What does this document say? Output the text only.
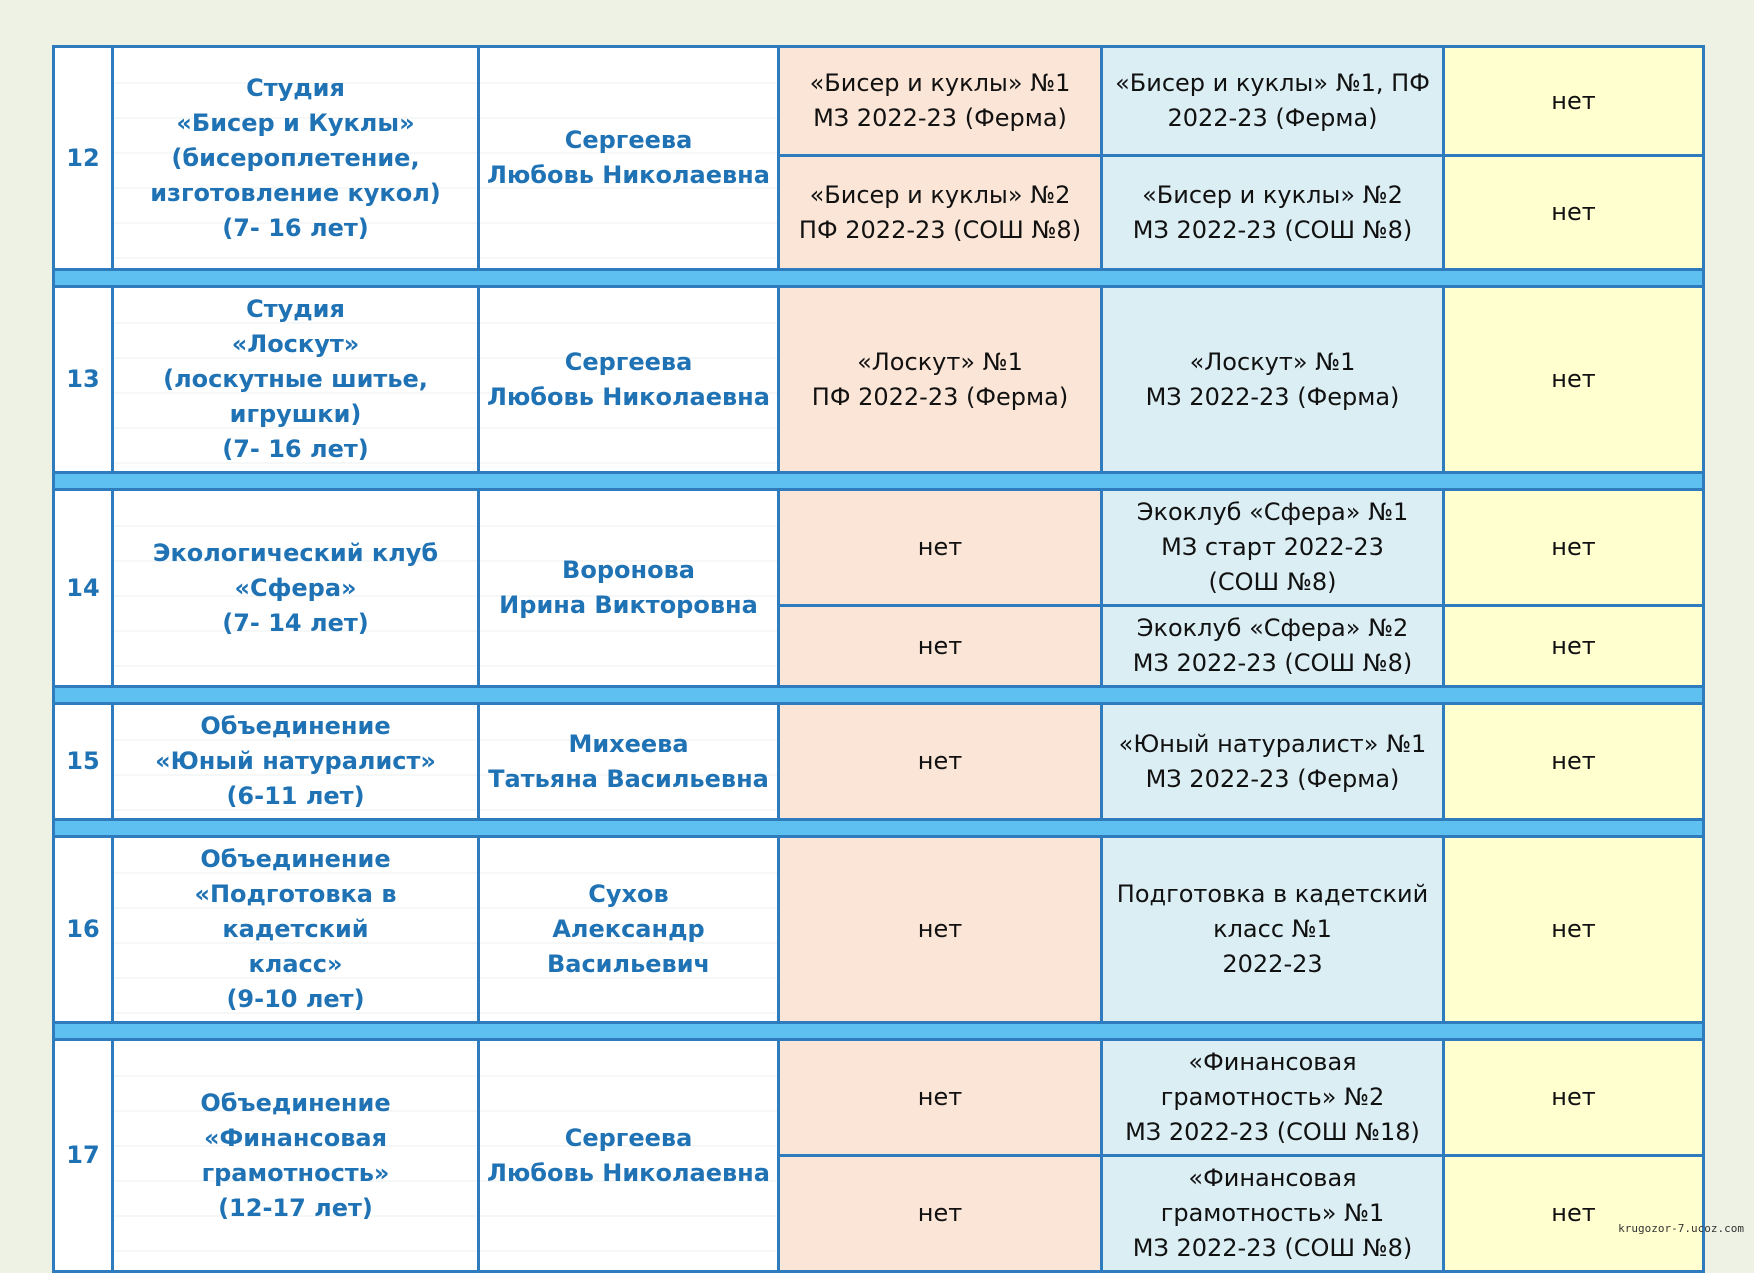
12	Студия
«Бисер и Куклы»
(бисероплетение,
изготовление кукол)
(7- 16 лет)	Сергеева
Любовь Николаевна	«Бисер и куклы» №1
МЗ 2022-23 (Ферма)	«Бисер и куклы» №1, ПФ
2022-23 (Ферма)	нет
			«Бисер и куклы» №2
ПФ 2022-23 (СОШ №8)	«Бисер и куклы» №2
МЗ 2022-23 (СОШ №8)	нет

13	Студия
«Лоскут»
(лоскутные шитье,
игрушки)
(7- 16 лет)	Сергеева
Любовь Николаевна	«Лоскут» №1
ПФ 2022-23 (Ферма)	«Лоскут» №1
МЗ 2022-23 (Ферма)	нет

14	Экологический клуб
«Сфера»
(7- 14 лет)	Воронова
Ирина Викторовна	нет	Экоклуб «Сфера» №1
МЗ старт 2022-23
(СОШ №8)	нет
			нет	Экоклуб «Сфера» №2
МЗ 2022-23 (СОШ №8)	нет

15	Объединение
«Юный натуралист»
(6-11 лет)	Михеева
Татьяна Васильевна	нет	«Юный натуралист» №1
МЗ 2022-23 (Ферма)	нет

16	Объединение
«Подготовка в кадетский
класс»
(9-10 лет)	Сухов
Александр
Васильевич	нет	Подготовка в кадетский
класс №1
2022-23	нет

17	Объединение
«Финансовая
грамотность»
(12-17 лет)	Сергеева
Любовь Николаевна	нет	«Финансовая
грамотность» №2
МЗ 2022-23 (СОШ №18)	нет
			нет	«Финансовая
грамотность» №1
МЗ 2022-23 (СОШ №8)	нет
krugozor-7.ucoz.com
